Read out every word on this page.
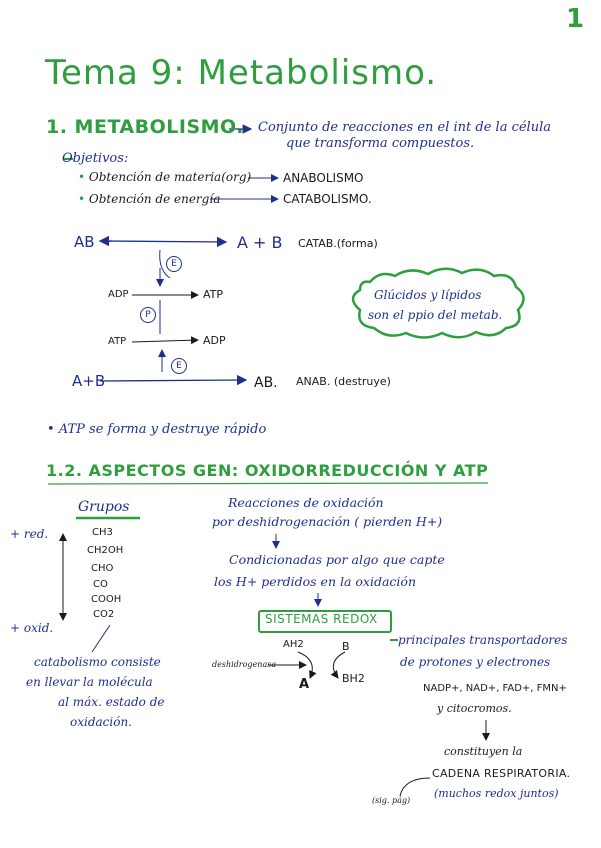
1
Tema 9: Metabolismo.
1. METABOLISMO. Conjunto de reacciones en el int de la célula
que transforma compuestos.
Objetivos:
• Obtención de materia(org)	ANABOLISMO
• Obtención de energía	CATABOLISMO.
AB	A + B CATAB.(forma)
E
ADP	ATP
P
ATP	ADP
E
A+B	AB. ANAB. (destruye)
Glúcidos y lípidos
son el ppio del metab.
• ATP se forma y destruye rápido
1.2. ASPECTOS GEN: OXIDORREDUCCIÓN Y ATP
Grupos
+ red.
+ oxid.
CH3
CH2OH
CHO
CO
COOH
CO2
catabolismo consiste
en llevar la molécula
al máx. estado de
oxidación.
Reacciones de oxidación
por deshidrogenación ( pierden H+)
Condicionadas por algo que capte
los H+ perdidos en la oxidación
SISTEMAS REDOX
AH2	B
deshidrogenasa
A	BH2
principales transportadores
de protones y electrones
NADP+, NAD+, FAD+, FMN+
y citocromos.
constituyen la
CADENA RESPIRATORIA.
(muchos redox juntos)
(sig. pág)
